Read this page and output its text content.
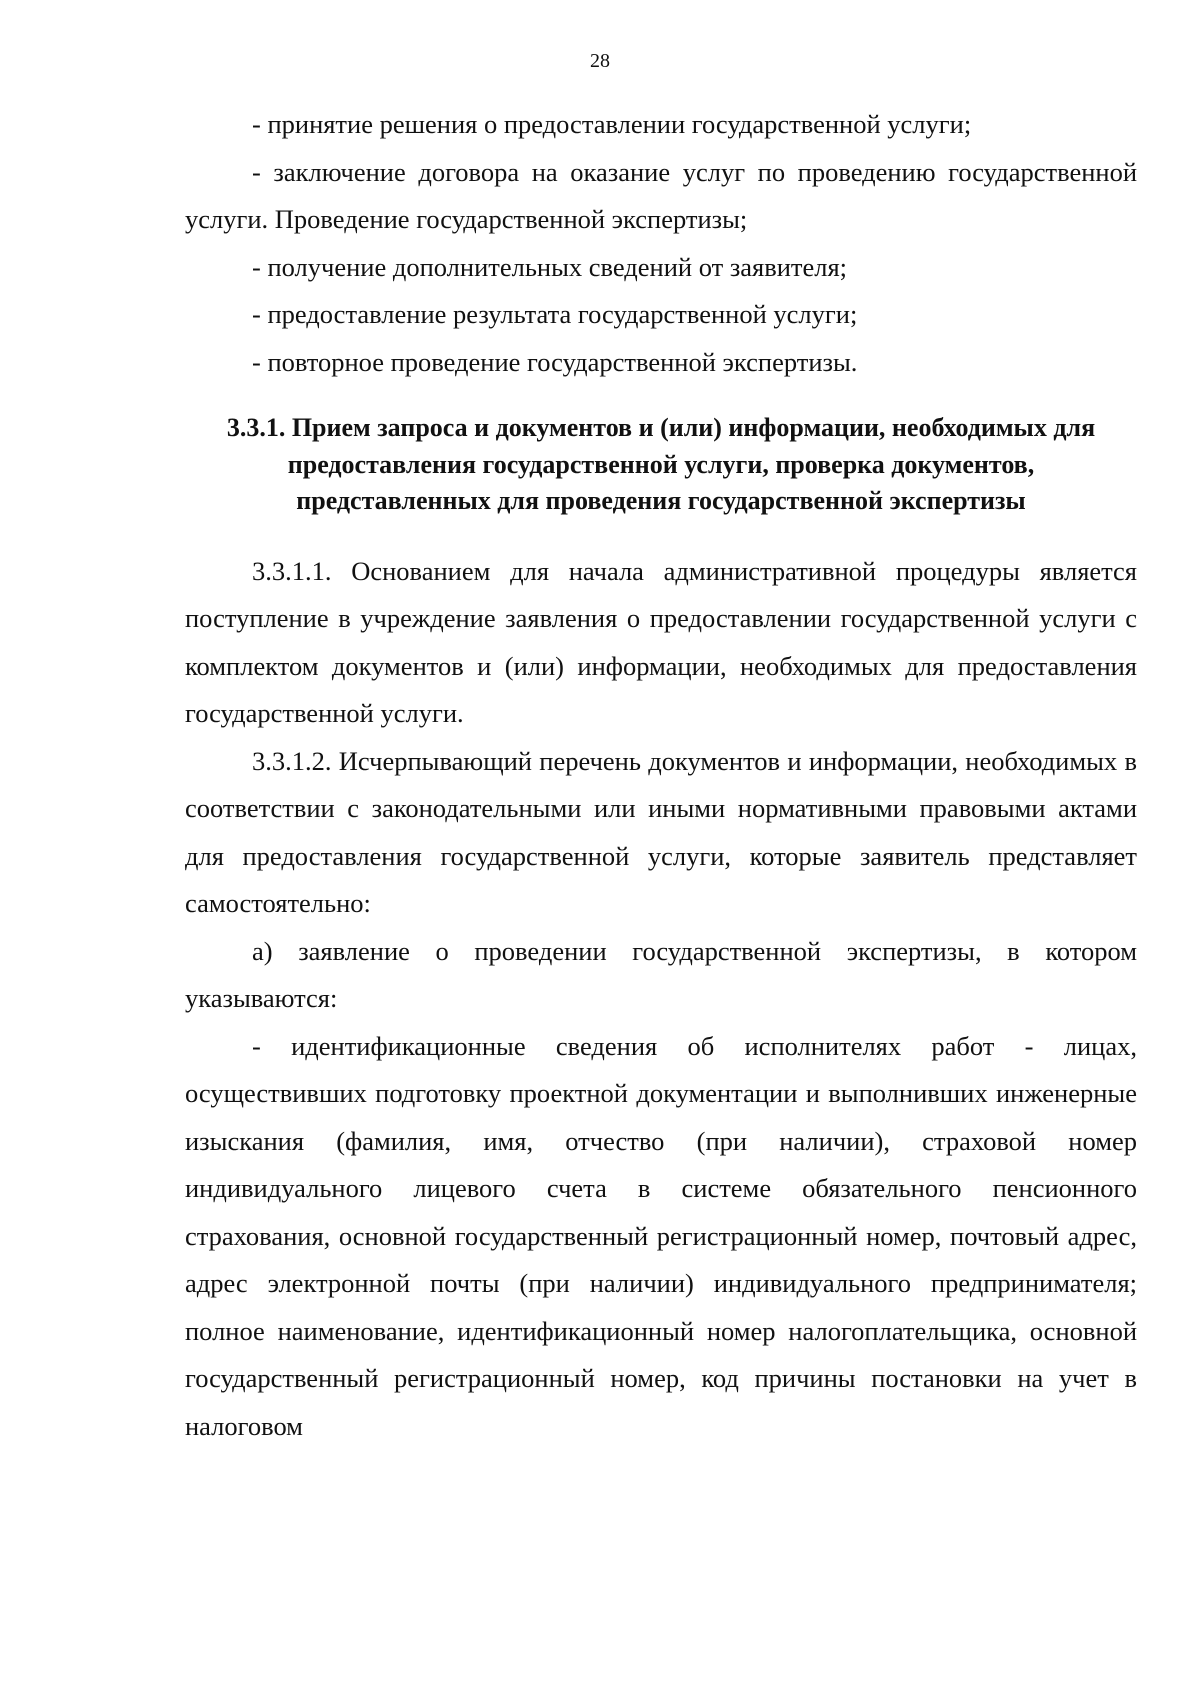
28

- принятие решения о предоставлении государственной услуги;

- заключение договора на оказание услуг по проведению государственной услуги. Проведение государственной экспертизы;

- получение дополнительных сведений от заявителя;

- предоставление результата государственной услуги;

- повторное проведение государственной экспертизы.

3.3.1. Прием запроса и документов и (или) информации, необходимых для предоставления государственной услуги, проверка документов, представленных для проведения государственной экспертизы

3.3.1.1. Основанием для начала административной процедуры является поступление в учреждение заявления о предоставлении государственной услуги с комплектом документов и (или) информации, необходимых для предоставления государственной услуги.

3.3.1.2. Исчерпывающий перечень документов и информации, необходимых в соответствии с законодательными или иными нормативными правовыми актами для предоставления государственной услуги, которые заявитель представляет самостоятельно:

а) заявление о проведении государственной экспертизы, в котором указываются:

- идентификационные сведения об исполнителях работ - лицах, осуществивших подготовку проектной документации и выполнивших инженерные изыскания (фамилия, имя, отчество (при наличии), страховой номер индивидуального лицевого счета в системе обязательного пенсионного страхования, основной государственный регистрационный номер, почтовый адрес, адрес электронной почты (при наличии) индивидуального предпринимателя; полное наименование, идентификационный номер налогоплательщика, основной государственный регистрационный номер, код причины постановки на учет в налоговом
